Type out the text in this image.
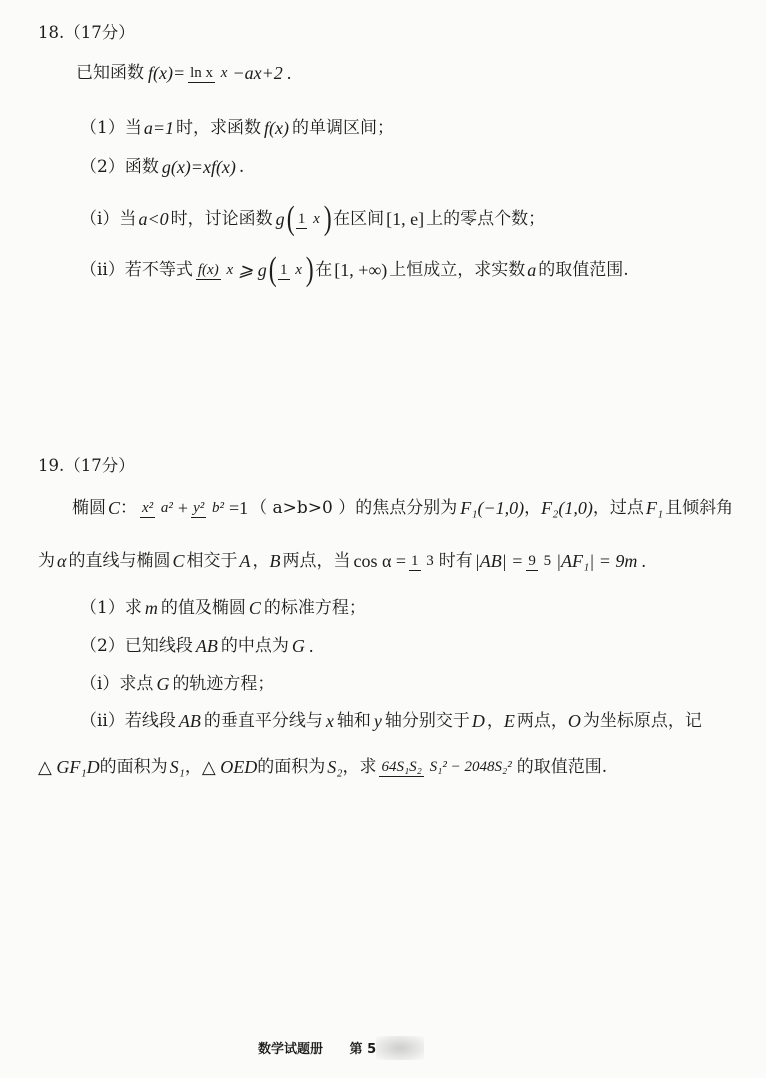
18.（17分）
已知函数 f(x)= ln x x −ax+2 .
（1）当 a=1 时，求函数 f(x) 的单调区间；
（2）函数 g(x)=xf(x) .
（i）当 a<0 时，讨论函数 g ( 1 x ) 在区间 [1, e] 上的零点个数；
（ii）若不等式 f(x) x ⩾ g ( 1 x ) 在 [1, +∞) 上恒成立，求实数 a 的取值范围.
19.（17分）
椭圆 C ： x² a² + y² b² =1 （ a>b>0 ） 的焦点分别为 F₁(−1,0) ， F₂(1,0) ，过点 F₁ 且倾斜角
为 α 的直线与椭圆 C 相交于 A ， B 两点，当 cos α = 1 3 时有 |AB| = 9 5 |AF₁| = 9m .
（1）求 m 的值及椭圆 C 的标准方程；
（2）已知线段 AB 的中点为 G .
（i）求点 G 的轨迹方程；
（ii）若线段 AB 的垂直平分线与 x 轴和 y 轴分别交于 D ， E 两点， O 为坐标原点，记
△ GF₁D 的面积为 S₁ ， △ OED 的面积为 S₂ ，求 64S₁S₂ S₁² − 2048S₂² 的取值范围.
数学试题册 第 5
